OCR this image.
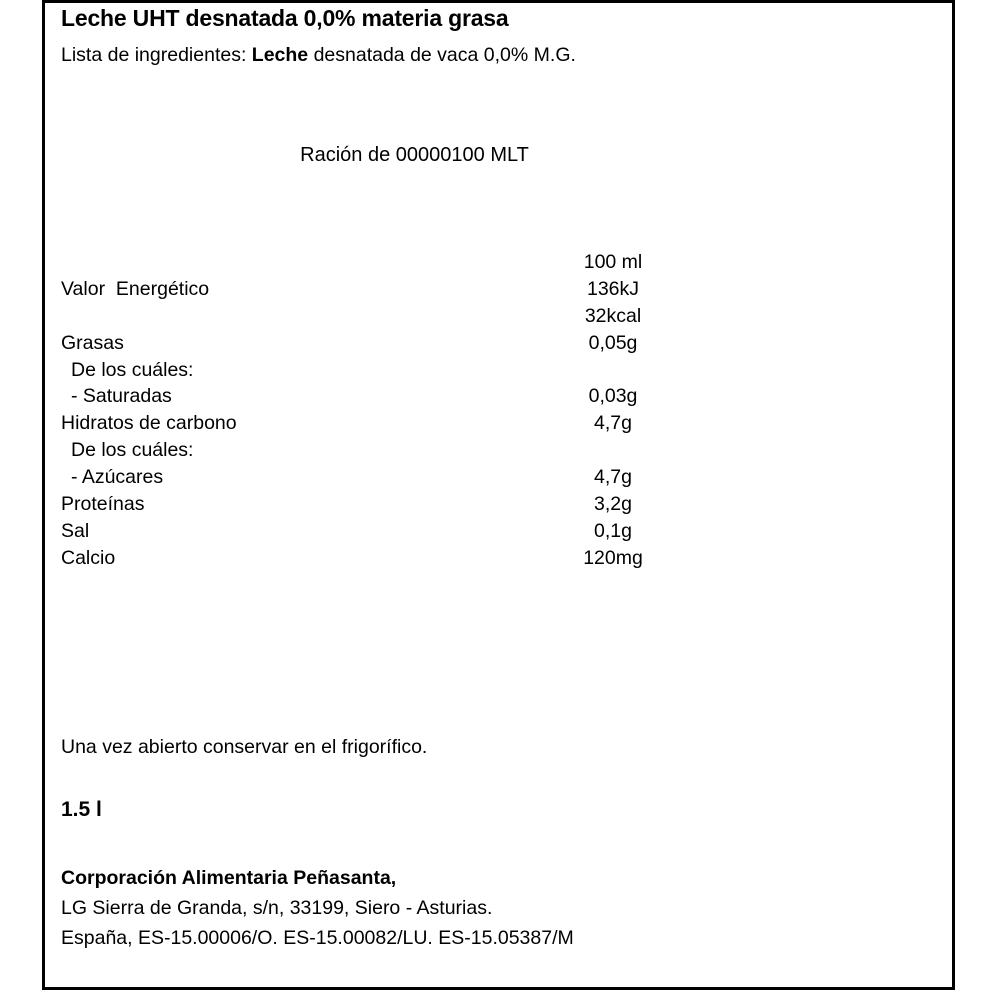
Leche UHT desnatada 0,0% materia grasa
Lista de ingredientes: Leche desnatada de vaca 0,0% M.G.
Ración de 00000100 MLT
100 ml
Valor  Energético	136kJ
32kcal
Grasas	0,05g
De los cuáles:
- Saturadas	0,03g
Hidratos de carbono	4,7g
De los cuáles:
- Azúcares	4,7g
Proteínas	3,2g
Sal	0,1g
Calcio	120mg
Una vez abierto conservar en el frigorífico.
1.5 l
Corporación Alimentaria Peñasanta,
LG Sierra de Granda, s/n, 33199, Siero - Asturias.
España, ES-15.00006/O. ES-15.00082/LU. ES-15.05387/M
